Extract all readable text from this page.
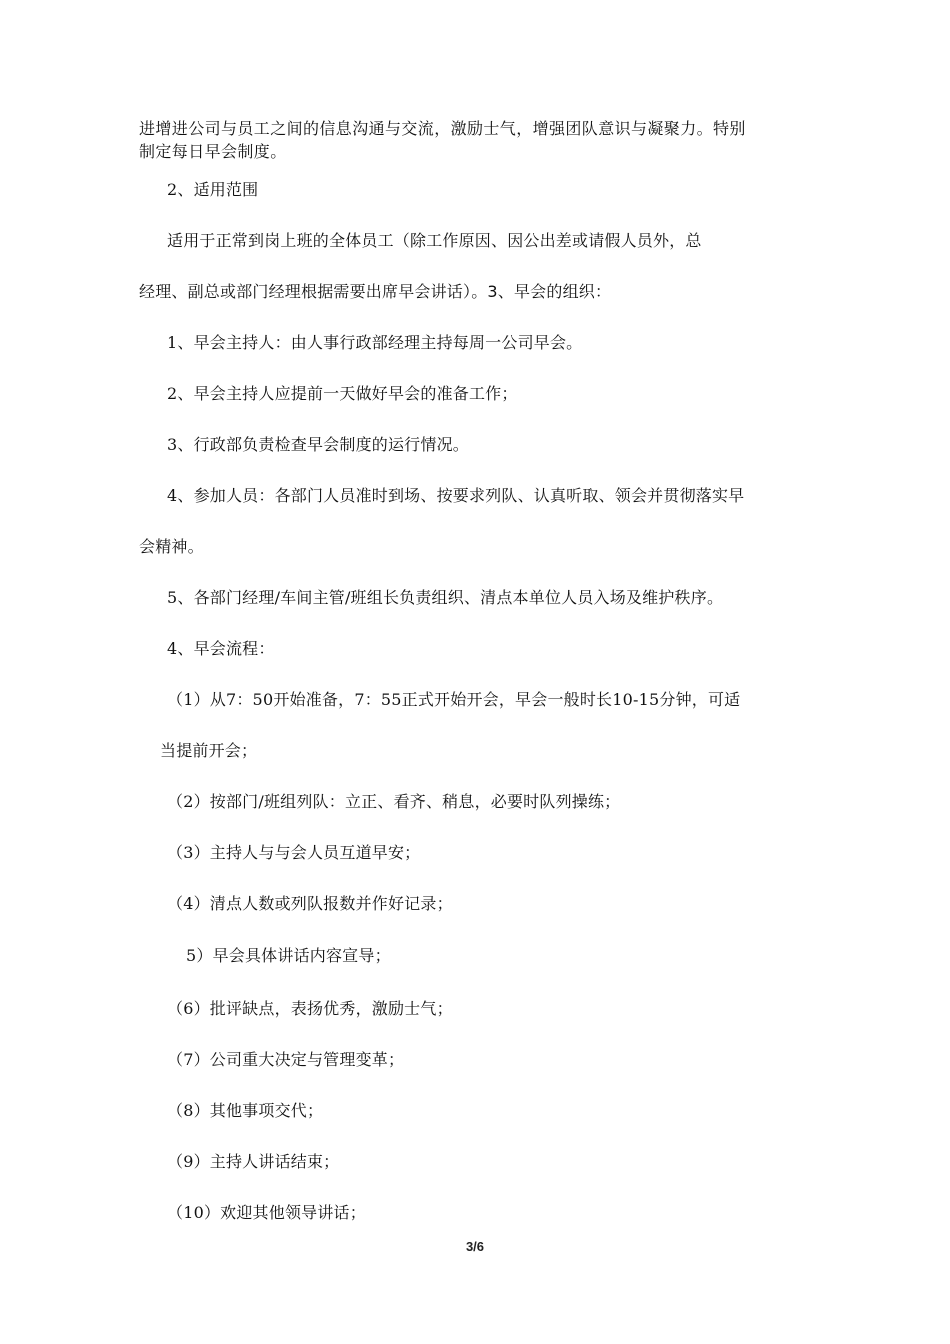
进增进公司与员工之间的信息沟通与交流，激励士气，增强团队意识与凝聚力。特别
制定每日早会制度。
2、适用范围
适用于正常到岗上班的全体员工（除工作原因、因公出差或请假人员外，总
经理、副总或部门经理根据需要出席早会讲话）。3、早会的组织：
1、早会主持人：由人事行政部经理主持每周一公司早会。
2、早会主持人应提前一天做好早会的准备工作；
3、行政部负责检查早会制度的运行情况。
4、参加人员：各部门人员准时到场、按要求列队、认真听取、领会并贯彻落实早
会精神。
5、各部门经理/车间主管/班组长负责组织、清点本单位人员入场及维护秩序。
4、早会流程：
（1）从7：50开始准备，7：55正式开始开会，早会一般时长10-15分钟，可适
当提前开会；
（2）按部门/班组列队：立正、看齐、稍息，必要时队列操练；
（3）主持人与与会人员互道早安；
（4）清点人数或列队报数并作好记录；
5）早会具体讲话内容宣导；
（6）批评缺点，表扬优秀，激励士气；
（7）公司重大决定与管理变革；
（8）其他事项交代；
（9）主持人讲话结束；
（10）欢迎其他领导讲话；
3/6
